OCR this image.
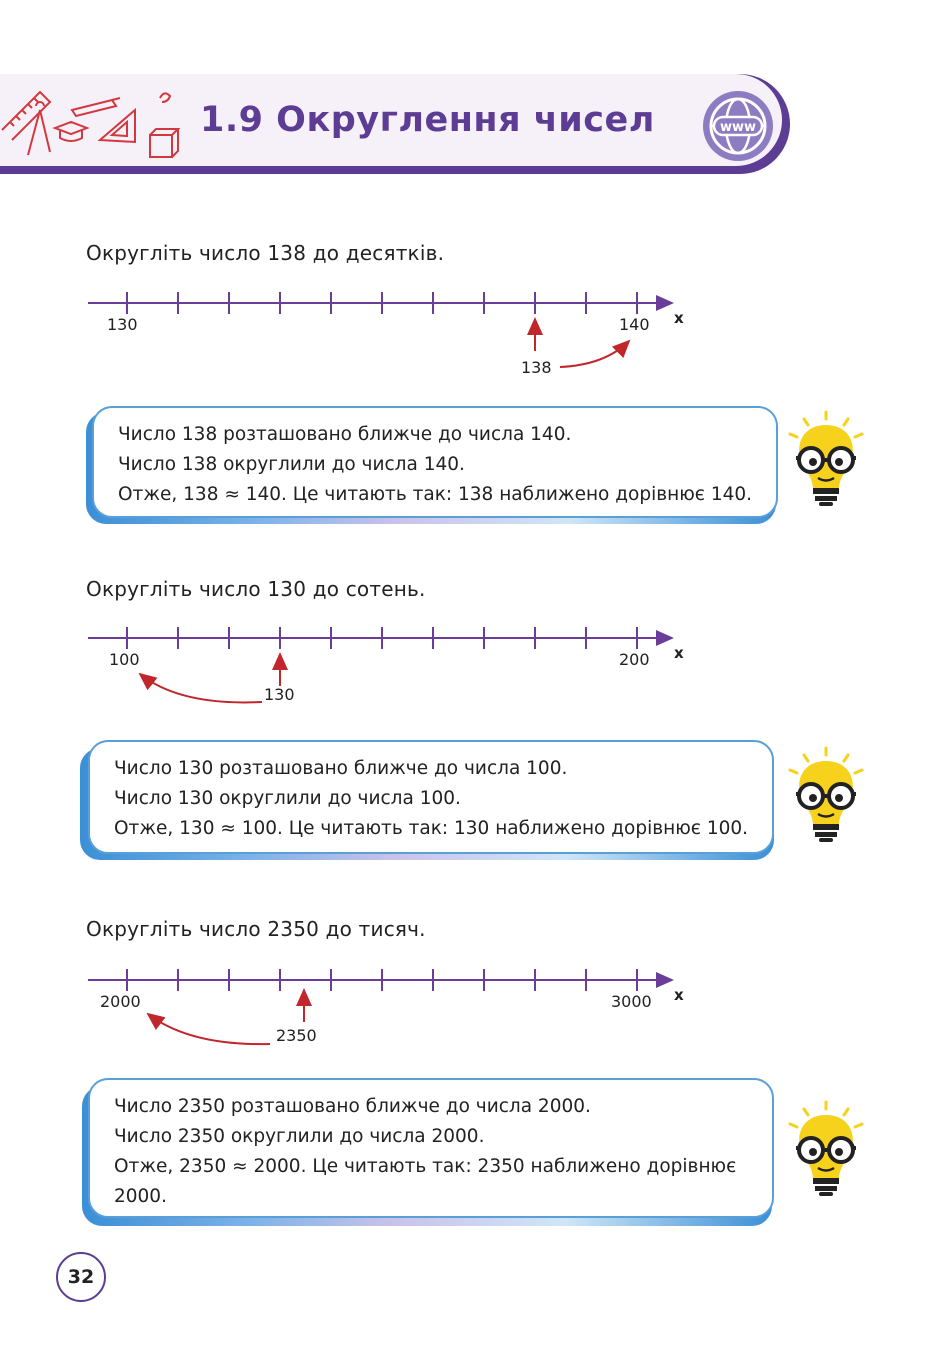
1.9 Округлення чисел	www
Округліть число 138 до десятків.
130	140 x
138

Число 138 розташовано ближче до числа 140.

Число 138 округлили до числа 140.

Отже, 138 ≈ 140. Це читають так: 138 наближено дорівнює 140.

Округліть число 130 до сотень.
100	200 x
130

Число 130 розташовано ближче до числа 100.

Число 130 округлили до числа 100.

Отже, 130 ≈ 100. Це читають так: 130 наближено дорівнює 100.

Округліть число 2350 до тисяч.
2000	3000 x
2350

Число 2350 розташовано ближче до числа 2000.

Число 2350 округлили до числа 2000.

Отже, 2350 ≈ 2000. Це читають так: 2350 наближено дорівнює

2000.

32
